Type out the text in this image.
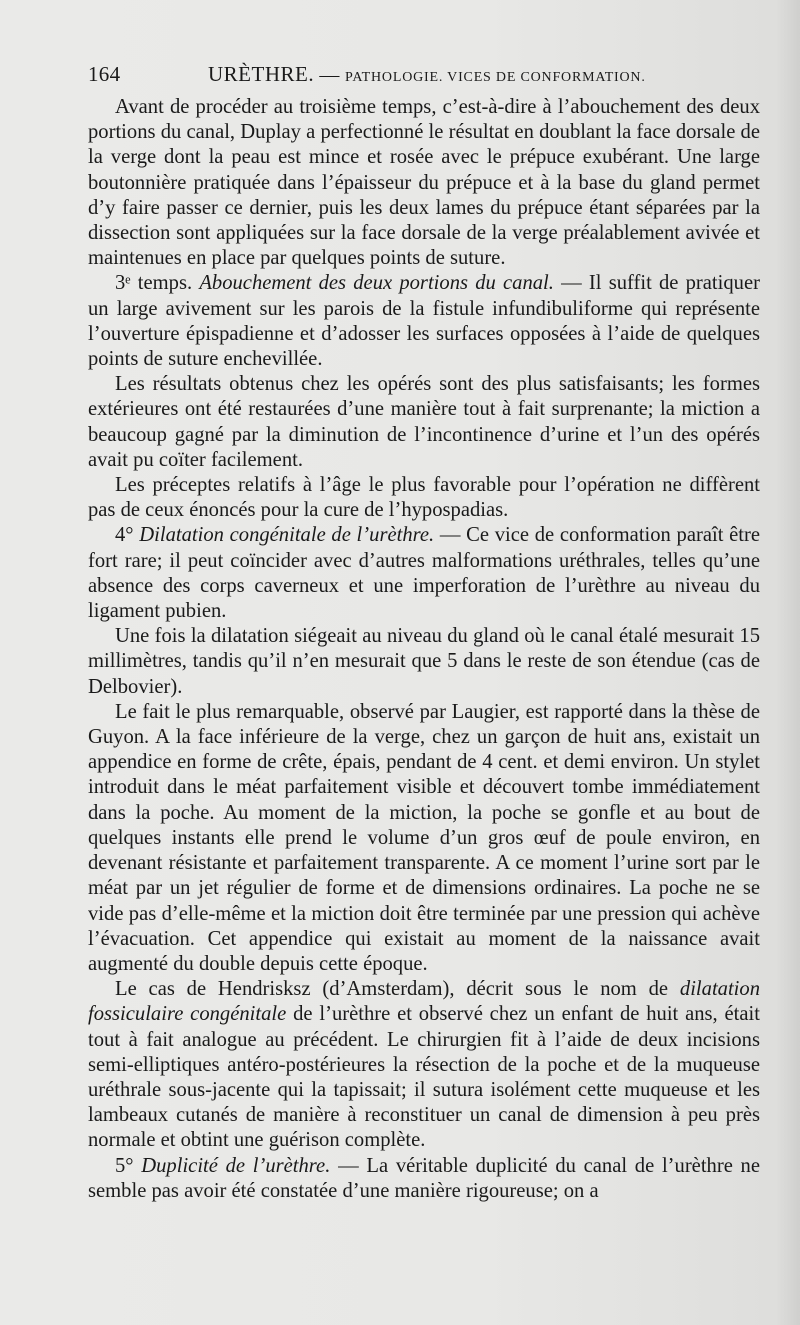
164	URÈTHRE. — PATHOLOGIE. VICES DE CONFORMATION.

Avant de procéder au troisième temps, c’est-à-dire à l’abouchement des deux portions du canal, Duplay a perfectionné le résultat en doublant la face dorsale de la verge dont la peau est mince et rosée avec le prépuce exubérant. Une large boutonnière pratiquée dans l’épaisseur du prépuce et à la base du gland permet d’y faire passer ce dernier, puis les deux lames du prépuce étant séparées par la dissection sont appliquées sur la face dorsale de la verge préalablement avivée et maintenues en place par quelques points de suture.

3ᵉ temps. Abouchement des deux portions du canal. — Il suffit de pratiquer un large avivement sur les parois de la fistule infundibuliforme qui représente l’ouverture épispadienne et d’adosser les surfaces opposées à l’aide de quelques points de suture enchevillée.

Les résultats obtenus chez les opérés sont des plus satisfaisants; les formes extérieures ont été restaurées d’une manière tout à fait surprenante; la miction a beaucoup gagné par la diminution de l’incontinence d’urine et l’un des opérés avait pu coïter facilement.

Les préceptes relatifs à l’âge le plus favorable pour l’opération ne diffèrent pas de ceux énoncés pour la cure de l’hypospadias.

4° Dilatation congénitale de l’urèthre. — Ce vice de conformation paraît être fort rare; il peut coïncider avec d’autres malformations uréthrales, telles qu’une absence des corps caverneux et une imperforation de l’urèthre au niveau du ligament pubien.

Une fois la dilatation siégeait au niveau du gland où le canal étalé mesurait 15 millimètres, tandis qu’il n’en mesurait que 5 dans le reste de son étendue (cas de Delbovier).

Le fait le plus remarquable, observé par Laugier, est rapporté dans la thèse de Guyon. A la face inférieure de la verge, chez un garçon de huit ans, existait un appendice en forme de crête, épais, pendant de 4 cent. et demi environ. Un stylet introduit dans le méat parfaitement visible et découvert tombe immédiatement dans la poche. Au moment de la miction, la poche se gonfle et au bout de quelques instants elle prend le volume d’un gros œuf de poule environ, en devenant résistante et parfaitement transparente. A ce moment l’urine sort par le méat par un jet régulier de forme et de dimensions ordinaires. La poche ne se vide pas d’elle-même et la miction doit être terminée par une pression qui achève l’évacuation. Cet appendice qui existait au moment de la naissance avait augmenté du double depuis cette époque.

Le cas de Hendrisksz (d’Amsterdam), décrit sous le nom de dilatation fossiculaire congénitale de l’urèthre et observé chez un enfant de huit ans, était tout à fait analogue au précédent. Le chirurgien fit à l’aide de deux incisions semi-elliptiques antéro-postérieures la résection de la poche et de la muqueuse uréthrale sous-jacente qui la tapissait; il sutura isolément cette muqueuse et les lambeaux cutanés de manière à reconstituer un canal de dimension à peu près normale et obtint une guérison complète.

5° Duplicité de l’urèthre. — La véritable duplicité du canal de l’urèthre ne semble pas avoir été constatée d’une manière rigoureuse; on a
